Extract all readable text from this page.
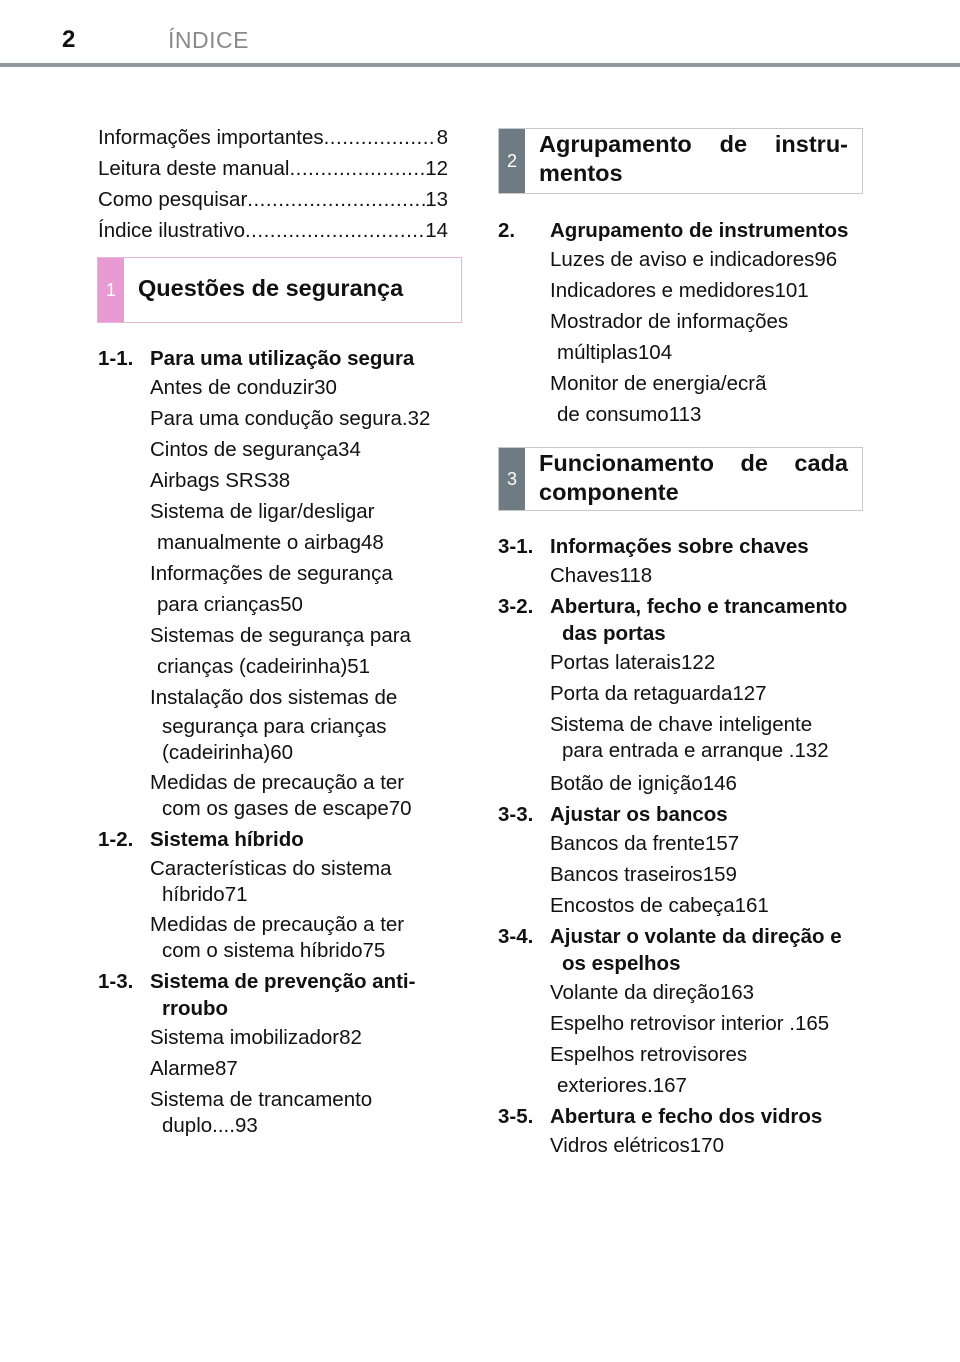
2	ÍNDICE
Informações importantes .....	8
Leitura deste manual .....	12
Como pesquisar .....	13
Índice ilustrativo .....	14
1 Questões de segurança
1-1. Para uma utilização segura
Antes de conduzir 30
Para uma condução segura. 32
Cintos de segurança 34
Airbags SRS 38
Sistema de ligar/desligar
manualmente o airbag 48
Informações de segurança
para crianças 50
Sistemas de segurança para
crianças (cadeirinha) 51
Instalação dos sistemas de
segurança para crianças
(cadeirinha) 60
Medidas de precaução a ter
com os gases de escape 70
1-2. Sistema híbrido
Características do sistema
híbrido 71
Medidas de precaução a ter
com o sistema híbrido 75
1-3. Sistema de prevenção anti-
rroubo
Sistema imobilizador 82
Alarme 87
Sistema de trancamento
duplo.... 93
2
Agrupamento de instru-mentos
2.	Agrupamento de instrumentos
Luzes de aviso e indicadores 96
Indicadores e medidores 101
Mostrador de informações
múltiplas 104
Monitor de energia/ecrã
de consumo 113
3
Funcionamento de cada componente
3-1. Informações sobre chaves
Chaves 118
3-2. Abertura, fecho e trancamento
das portas
Portas laterais 122
Porta da retaguarda 127
Sistema de chave inteligente
para entrada e arranque . 132
Botão de ignição 146
3-3. Ajustar os bancos
Bancos da frente 157
Bancos traseiros 159
Encostos de cabeça 161
3-4. Ajustar o volante da direção e
os espelhos
Volante da direção 163
Espelho retrovisor interior . 165
Espelhos retrovisores
exteriores. 167
3-5. Abertura e fecho dos vidros
Vidros elétricos 170
